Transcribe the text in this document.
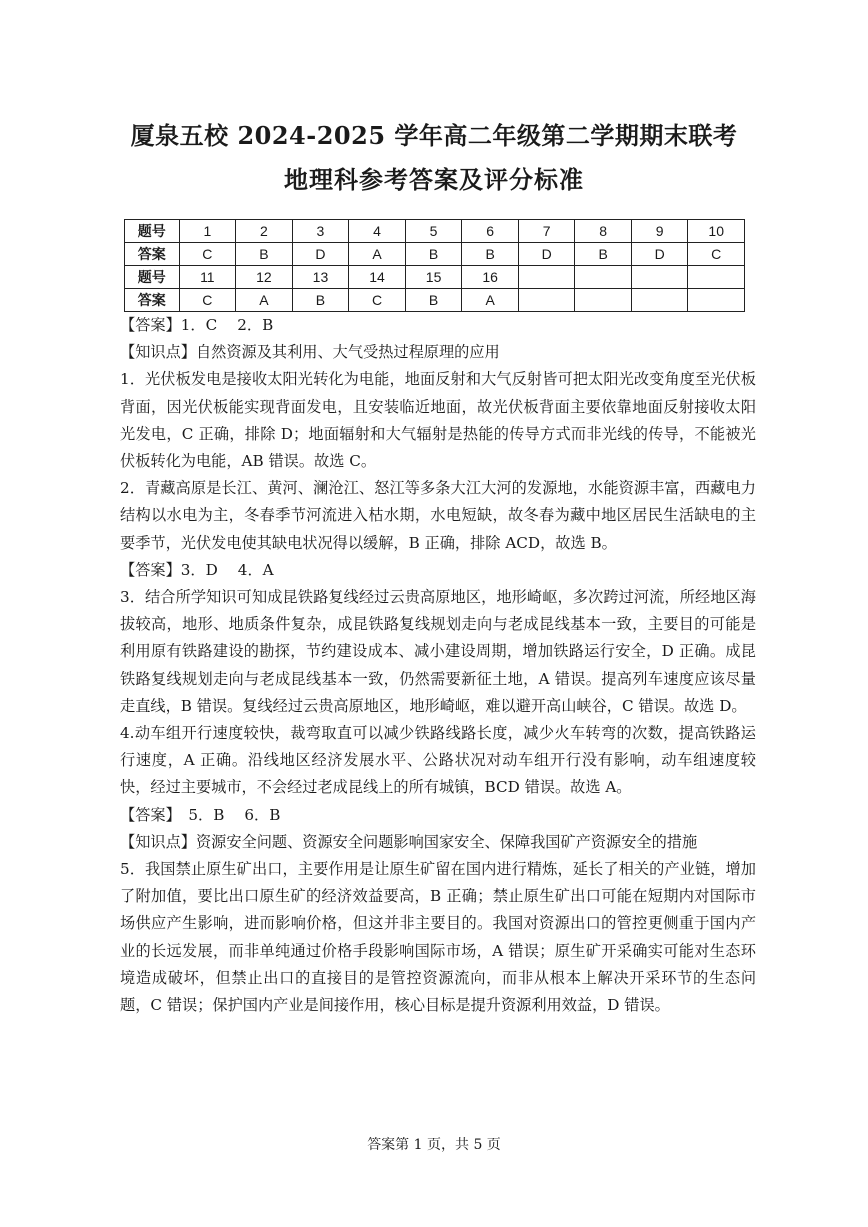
厦泉五校 2024-2025 学年高二年级第二学期期末联考
地理科参考答案及评分标准
题号	1	2	3	4	5	6	7	8	9	10
答案	C	B	D	A	B	B	D	B	D	C
题号	11	12	13	14	15	16				
答案	C	A	B	C	B	A				

【答案】1．C　 2．B

【知识点】自然资源及其利用、大气受热过程原理的应用

1．光伏板发电是接收太阳光转化为电能，地面反射和大气反射皆可把太阳光改变角度至光伏板背面，因光伏板能实现背面发电，且安装临近地面，故光伏板背面主要依靠地面反射接收太阳光发电，C 正确，排除 D；地面辐射和大气辐射是热能的传导方式而非光线的传导，不能被光伏板转化为电能，AB 错误。故选 C。

2．青藏高原是长江、黄河、澜沧江、怒江等多条大江大河的发源地，水能资源丰富，西藏电力结构以水电为主，冬春季节河流进入枯水期，水电短缺，故冬春为藏中地区居民生活缺电的主要季节，光伏发电使其缺电状况得以缓解，B 正确，排除 ACD，故选 B。

【答案】3．D　 4．A

3．结合所学知识可知成昆铁路复线经过云贵高原地区，地形崎岖，多次跨过河流，所经地区海拔较高，地形、地质条件复杂，成昆铁路复线规划走向与老成昆线基本一致，主要目的可能是利用原有铁路建设的勘探，节约建设成本、减小建设周期，增加铁路运行安全，D 正确。成昆铁路复线规划走向与老成昆线基本一致，仍然需要新征土地，A 错误。提高列车速度应该尽量走直线，B 错误。复线经过云贵高原地区，地形崎岖，难以避开高山峡谷，C 错误。故选 D。

4.动车组开行速度较快，裁弯取直可以减少铁路线路长度，减少火车转弯的次数，提高铁路运行速度，A 正确。沿线地区经济发展水平、公路状况对动车组开行没有影响，动车组速度较快，经过主要城市，不会经过老成昆线上的所有城镇，BCD 错误。故选 A。

【答案】　5．B　 6．B

【知识点】资源安全问题、资源安全问题影响国家安全、保障我国矿产资源安全的措施

5．我国禁止原生矿出口，主要作用是让原生矿留在国内进行精炼，延长了相关的产业链，增加了附加值，要比出口原生矿的经济效益要高，B 正确；禁止原生矿出口可能在短期内对国际市场供应产生影响，进而影响价格，但这并非主要目的。我国对资源出口的管控更侧重于国内产业的长远发展，而非单纯通过价格手段影响国际市场，A 错误；原生矿开采确实可能对生态环境造成破坏，但禁止出口的直接目的是管控资源流向，而非从根本上解决开采环节的生态问题，C 错误；保护国内产业是间接作用，核心目标是提升资源利用效益，D 错误。

答案第 1 页，共 5 页
